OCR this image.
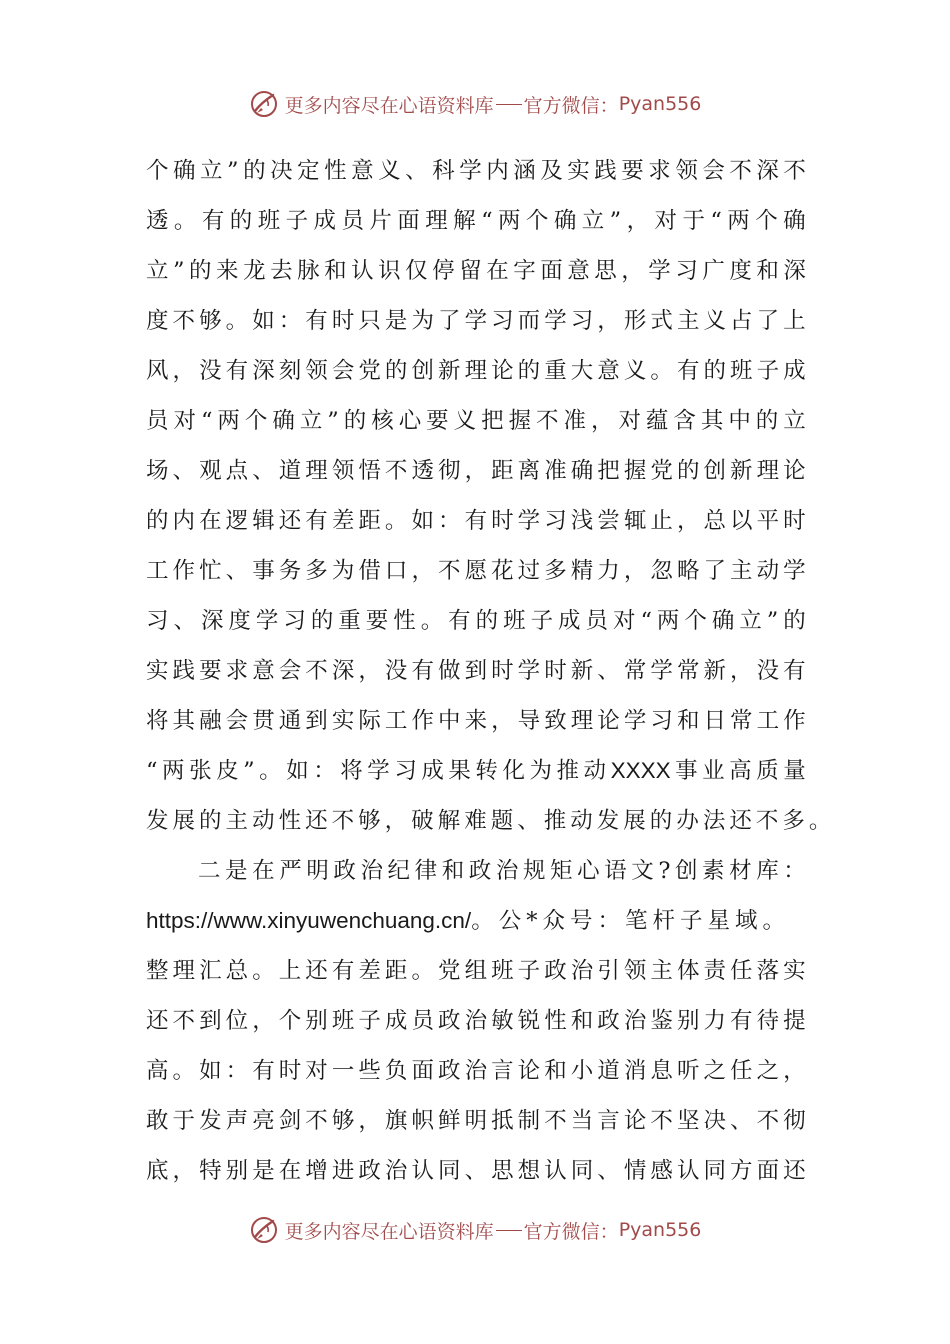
更多内容尽在心语资料库 官方微信： Pyan556
个 确 立 ” 的 决 定 性 意 义 、 科 学 内 涵 及 实 践 要 求 领 会 不 深 不
透 。 有 的 班 子 成 员 片 面 理 解 “ 两 个 确 立 ” ， 对 于 “ 两 个 确
立 ” 的 来 龙 去 脉 和 认 识 仅 停 留 在 字 面 意 思 ， 学 习 广 度 和 深
度 不 够 。 如 ： 有 时 只 是 为 了 学 习 而 学 习 ， 形 式 主 义 占 了 上
风 ， 没 有 深 刻 领 会 党 的 创 新 理 论 的 重 大 意 义 。 有 的 班 子 成
员 对 “ 两 个 确 立 ” 的 核 心 要 义 把 握 不 准 ， 对 蕴 含 其 中 的 立
场 、 观 点 、 道 理 领 悟 不 透 彻 ， 距 离 准 确 把 握 党 的 创 新 理 论
的 内 在 逻 辑 还 有 差 距 。 如 ： 有 时 学 习 浅 尝 辄 止 ， 总 以 平 时
工 作 忙 、 事 务 多 为 借 口 ， 不 愿 花 过 多 精 力 ， 忽 略 了 主 动 学
习 、 深 度 学 习 的 重 要 性 。 有 的 班 子 成 员 对 “ 两 个 确 立 ” 的
实 践 要 求 意 会 不 深 ， 没 有 做 到 时 学 时 新 、 常 学 常 新 ， 没 有
将 其 融 会 贯 通 到 实 际 工 作 中 来 ， 导 致 理 论 学 习 和 日 常 工 作
“ 两 张 皮 ” 。 如 ： 将 学 习 成 果 转 化 为 推 动 XXXX 事 业 高 质 量
发 展 的 主 动 性 还 不 够 ， 破 解 难 题 、 推 动 发 展 的 办 法 还 不 多 。
二 是 在 严 明 政 治 纪 律 和 政 治 规 矩 心 语 文 ? 创 素 材 库 ：
https://www.xinyuwenchuang.cn/ 。公*众号：笔杆子星域。
整 理 汇 总 。 上 还 有 差 距 。 党 组 班 子 政 治 引 领 主 体 责 任 落 实
还 不 到 位 ， 个 别 班 子 成 员 政 治 敏 锐 性 和 政 治 鉴 别 力 有 待 提
高 。 如 ： 有 时 对 一 些 负 面 政 治 言 论 和 小 道 消 息 听 之 任 之 ，
敢 于 发 声 亮 剑 不 够 ， 旗 帜 鲜 明 抵 制 不 当 言 论 不 坚 决 、 不 彻
底 ， 特 别 是 在 增 进 政 治 认 同 、 思 想 认 同 、 情 感 认 同 方 面 还
更多内容尽在心语资料库 官方微信： Pyan556
